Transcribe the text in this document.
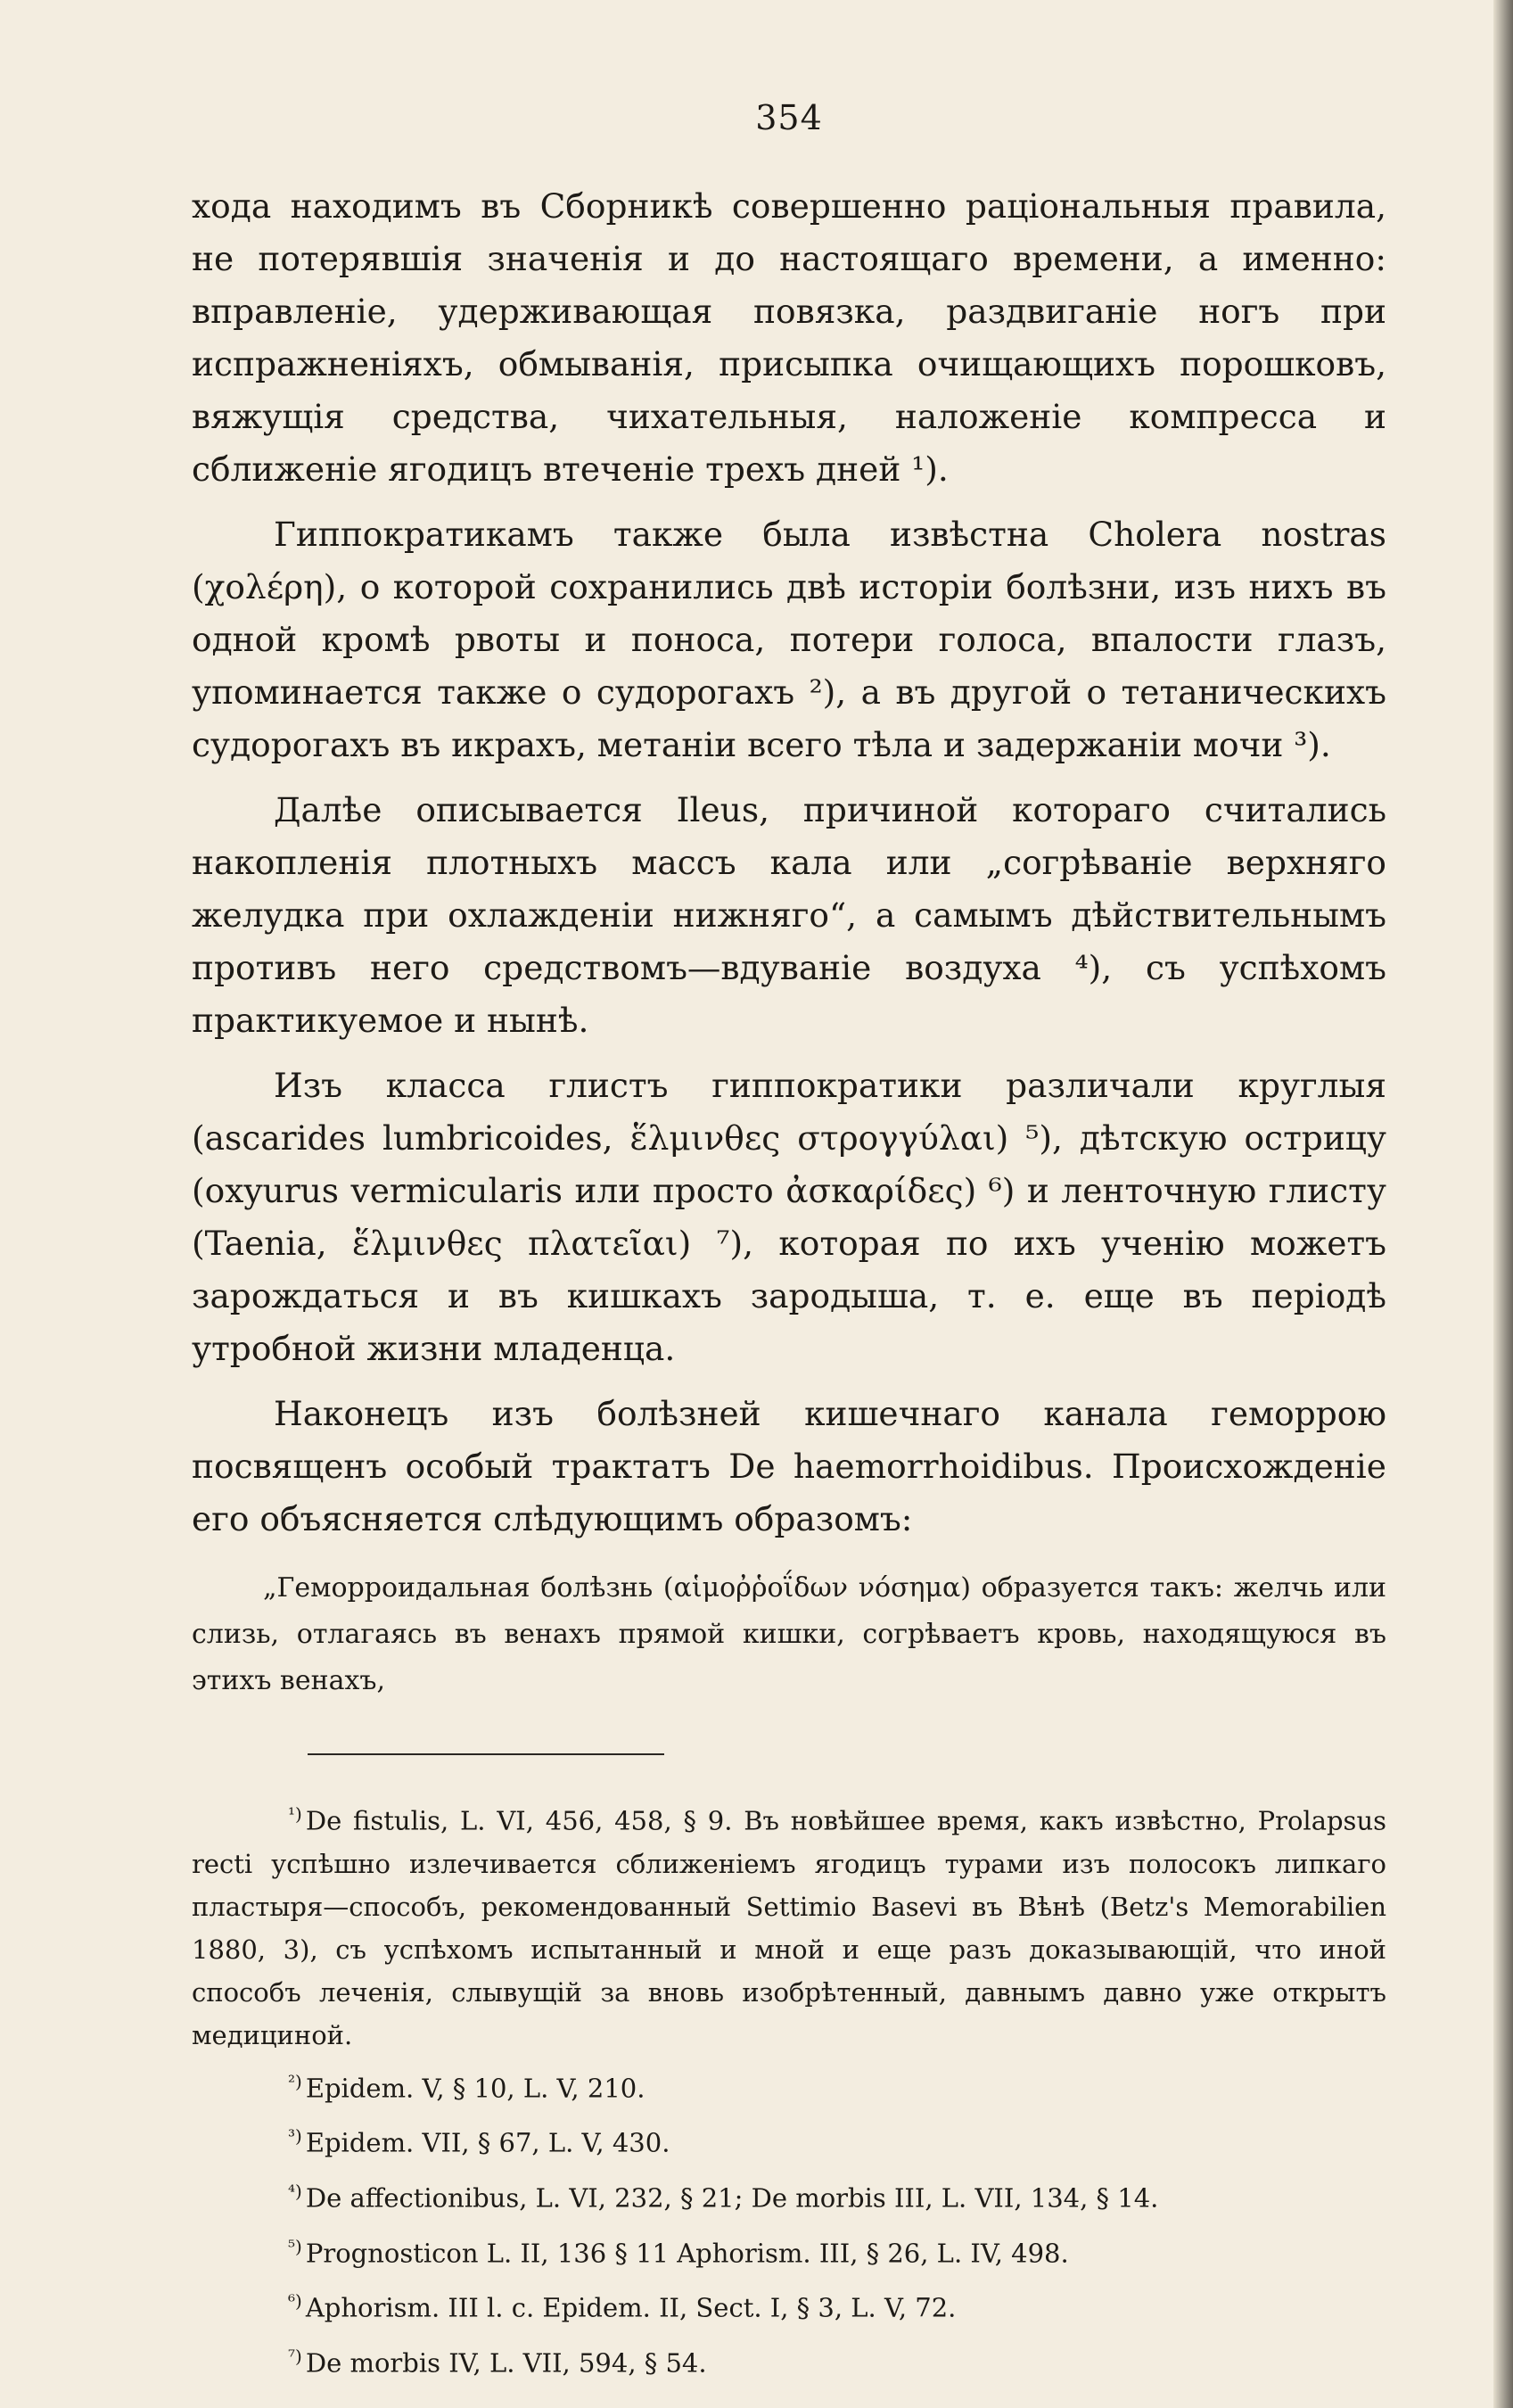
354

хода находимъ въ Сборникѣ совершенно раціональныя правила, не потерявшія значенія и до настоящаго времени, а именно: вправленіе, удерживающая повязка, раздвиганіе ногъ при испражненіяхъ, обмыванія, присыпка очищающихъ порошковъ, вяжущія средства, чихательныя, наложеніе компресса и сближеніе ягодицъ втеченіе трехъ дней ¹).

Гиппократикамъ также была извѣстна Cholera nostras (χολέρη), о которой сохранились двѣ исторіи болѣзни, изъ нихъ въ одной кромѣ рвоты и поноса, потери голоса, впалости глазъ, упоминается также о судорогахъ ²), а въ другой о тетаническихъ судорогахъ въ икрахъ, метаніи всего тѣла и задержаніи мочи ³).

Далѣе описывается Ileus, причиной котораго считались накопленія плотныхъ массъ кала или „согрѣваніе верхняго желудка при охлажденіи нижняго“, а самымъ дѣйствительнымъ противъ него средствомъ—вдуваніе воздуха ⁴), съ успѣхомъ практикуемое и нынѣ.

Изъ класса глистъ гиппократики различали круглыя (ascarides lumbricoides, ἕλμινθες στρογγύλαι) ⁵), дѣтскую острицу (oxyurus vermicularis или просто ἀσκαρίδες) ⁶) и ленточную глисту (Taenia, ἕλμινθες πλατεῖαι) ⁷), которая по ихъ ученію можетъ зарождаться и въ кишкахъ зародыша, т. е. еще въ періодѣ утробной жизни младенца.

Наконецъ изъ болѣзней кишечнаго канала геморрою посвященъ особый трактатъ De haemorrhoidibus. Происхожденіе его объясняется слѣдующимъ образомъ:

„Геморроидальная болѣзнь (αἱμοῤῥοΐδων νόσημα) образуется такъ: желчь или слизь, отлагаясь въ венахъ прямой кишки, согрѣваетъ кровь, находящуюся въ этихъ венахъ,

$^{^1)}$ De fistulis, L. VI, 456, 458, § 9. Въ новѣйшее время, какъ извѣстно, Prolapsus recti успѣшно излечивается сближеніемъ ягодицъ турами изъ полосокъ липкаго пластыря—способъ, рекомендованный Settimio Basevi въ Вѣнѣ (Betz's Memorabilien 1880, 3), съ успѣхомъ испытанный и мной и еще разъ доказывающій, что иной способъ леченія, слывущій за вновь изобрѣтенный, давнымъ давно уже открытъ медициной.

$^{^2)}$ Epidem. V, § 10, L. V, 210.

$^{^3)}$ Epidem. VII, § 67, L. V, 430.

$^{^4)}$ De affectionibus, L. VI, 232, § 21; De morbis III, L. VII, 134, § 14.

$^{^5)}$ Prognosticon L. II, 136 § 11 Aphorism. III, § 26, L. IV, 498.

$^{^6)}$ Aphorism. III l. c. Epidem. II, Sect. I, § 3, L. V, 72.

$^{^7)}$ De morbis IV, L. VII, 594, § 54.
